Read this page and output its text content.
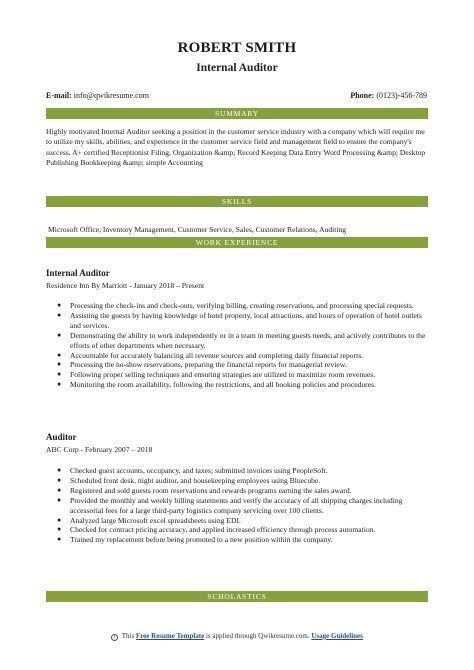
ROBERT SMITH
Internal Auditor
E-mail: info@qwikresume.com	Phone: (0123)-456-789
SUMMARY
Highly motivated Internal Auditor seeking a position in the customer service industry with a company which will require me to utilize my skills, abilities, and experience in the customer service field and management field to ensure the company's success. A+ certified Receptionist Filing, Organization &amp; Record Keeping Data Entry Word Processing &amp; Desktop Publishing Bookkeeping &amp; simple Accounting
SKILLS
Microsoft Office, Inventory Management, Customer Service, Sales, Customer Relations, Auditing
WORK EXPERIENCE
Internal Auditor
Residence Inn By Marriott - January 2018 – Present
● Processing the check-ins and check-outs, verifying billing, creating reservations, and processing special requests.
● Assisting the guests by having knowledge of hotel property, local attractions, and hours of operation of hotel outlets and services.
● Demonstrating the ability to work independently or in a team in meeting guests needs, and actively contributes to the efforts of other departments when necessary.
● Accountable for accurately balancing all revenue sources and completing daily financial reports.
● Processing the no-show reservations, preparing the financial reports for managerial review.
● Following proper selling techniques and ensuring strategies are utilized to maximize room revenues.
● Monitoring the room availability, following the restrictions, and all booking policies and procedures.
Auditor
ABC Corp - February 2007 – 2018
● Checked guest accounts, occupancy, and taxes; submitted invoices using PeopleSoft.
● Scheduled front desk, night auditor, and housekeeping employees using Bluecube.
● Registered and sold guests room reservations and rewards programs earning the sales award.
● Provided the monthly and weekly billing statements and verify the accuracy of all shipping charges including accessorial fees for a large third-party logistics company servicing over 100 clients.
● Analyzed large Microsoft excel spreadsheets using EDI.
● Checked for contract pricing accuracy, and applied increased efficiency through process automation.
● Trained my replacement before being promoted to a new position within the company.
SCHOLASTICS
i This Free Resume Template is applied through Qwikresume.com. Usage Guidelines
